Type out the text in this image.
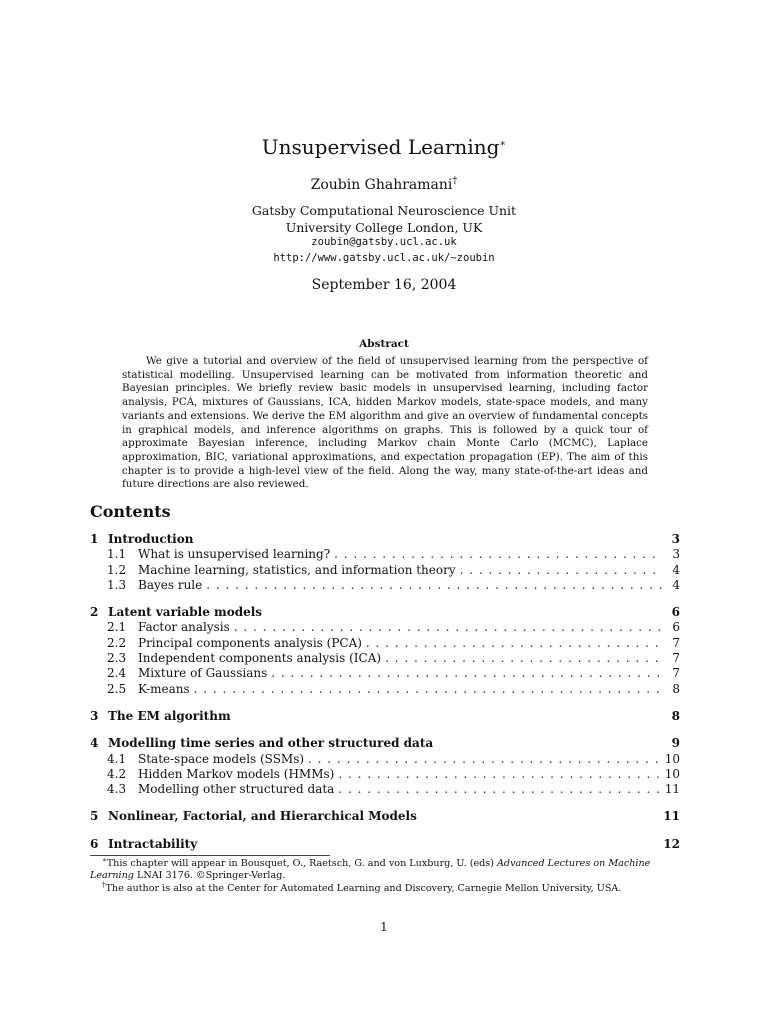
Unsupervised Learning∗
Zoubin Ghahramani†
Gatsby Computational Neuroscience Unit
University College London, UK
zoubin@gatsby.ucl.ac.uk
http://www.gatsby.ucl.ac.uk/~zoubin
September 16, 2004
Abstract

We give a tutorial and overview of the field of unsupervised learning from the perspective of statistical modelling. Unsupervised learning can be motivated from information theoretic and Bayesian principles. We briefly review basic models in unsupervised learning, including factor analysis, PCA, mixtures of Gaussians, ICA, hidden Markov models, state-space models, and many variants and extensions. We derive the EM algorithm and give an overview of fundamental concepts in graphical models, and inference algorithms on graphs. This is followed by a quick tour of approximate Bayesian inference, including Markov chain Monte Carlo (MCMC), Laplace approximation, BIC, variational approximations, and expectation propagation (EP). The aim of this chapter is to provide a high-level view of the field. Along the way, many state-of-the-art ideas and future directions are also reviewed.

Contents
1 Introduction	3
1.1 What is unsupervised learning? . . .	3
1.2 Machine learning, statistics, and information theory . . .	4
1.3 Bayes rule . . .	4
2 Latent variable models	6
2.1 Factor analysis . . .	6
2.2 Principal components analysis (PCA) . . .	7
2.3 Independent components analysis (ICA) . . .	7
2.4 Mixture of Gaussians . . .	7
2.5 K-means . . .	8
3 The EM algorithm	8
4 Modelling time series and other structured data	9
4.1 State-space models (SSMs) . . .	10
4.2 Hidden Markov models (HMMs) . . .	10
4.3 Modelling other structured data . . .	11
5 Nonlinear, Factorial, and Hierarchical Models	11
6 Intractability	12

∗This chapter will appear in Bousquet, O., Raetsch, G. and von Luxburg, U. (eds) Advanced Lectures on Machine Learning LNAI 3176. ©Springer-Verlag.

†The author is also at the Center for Automated Learning and Discovery, Carnegie Mellon University, USA.

1
